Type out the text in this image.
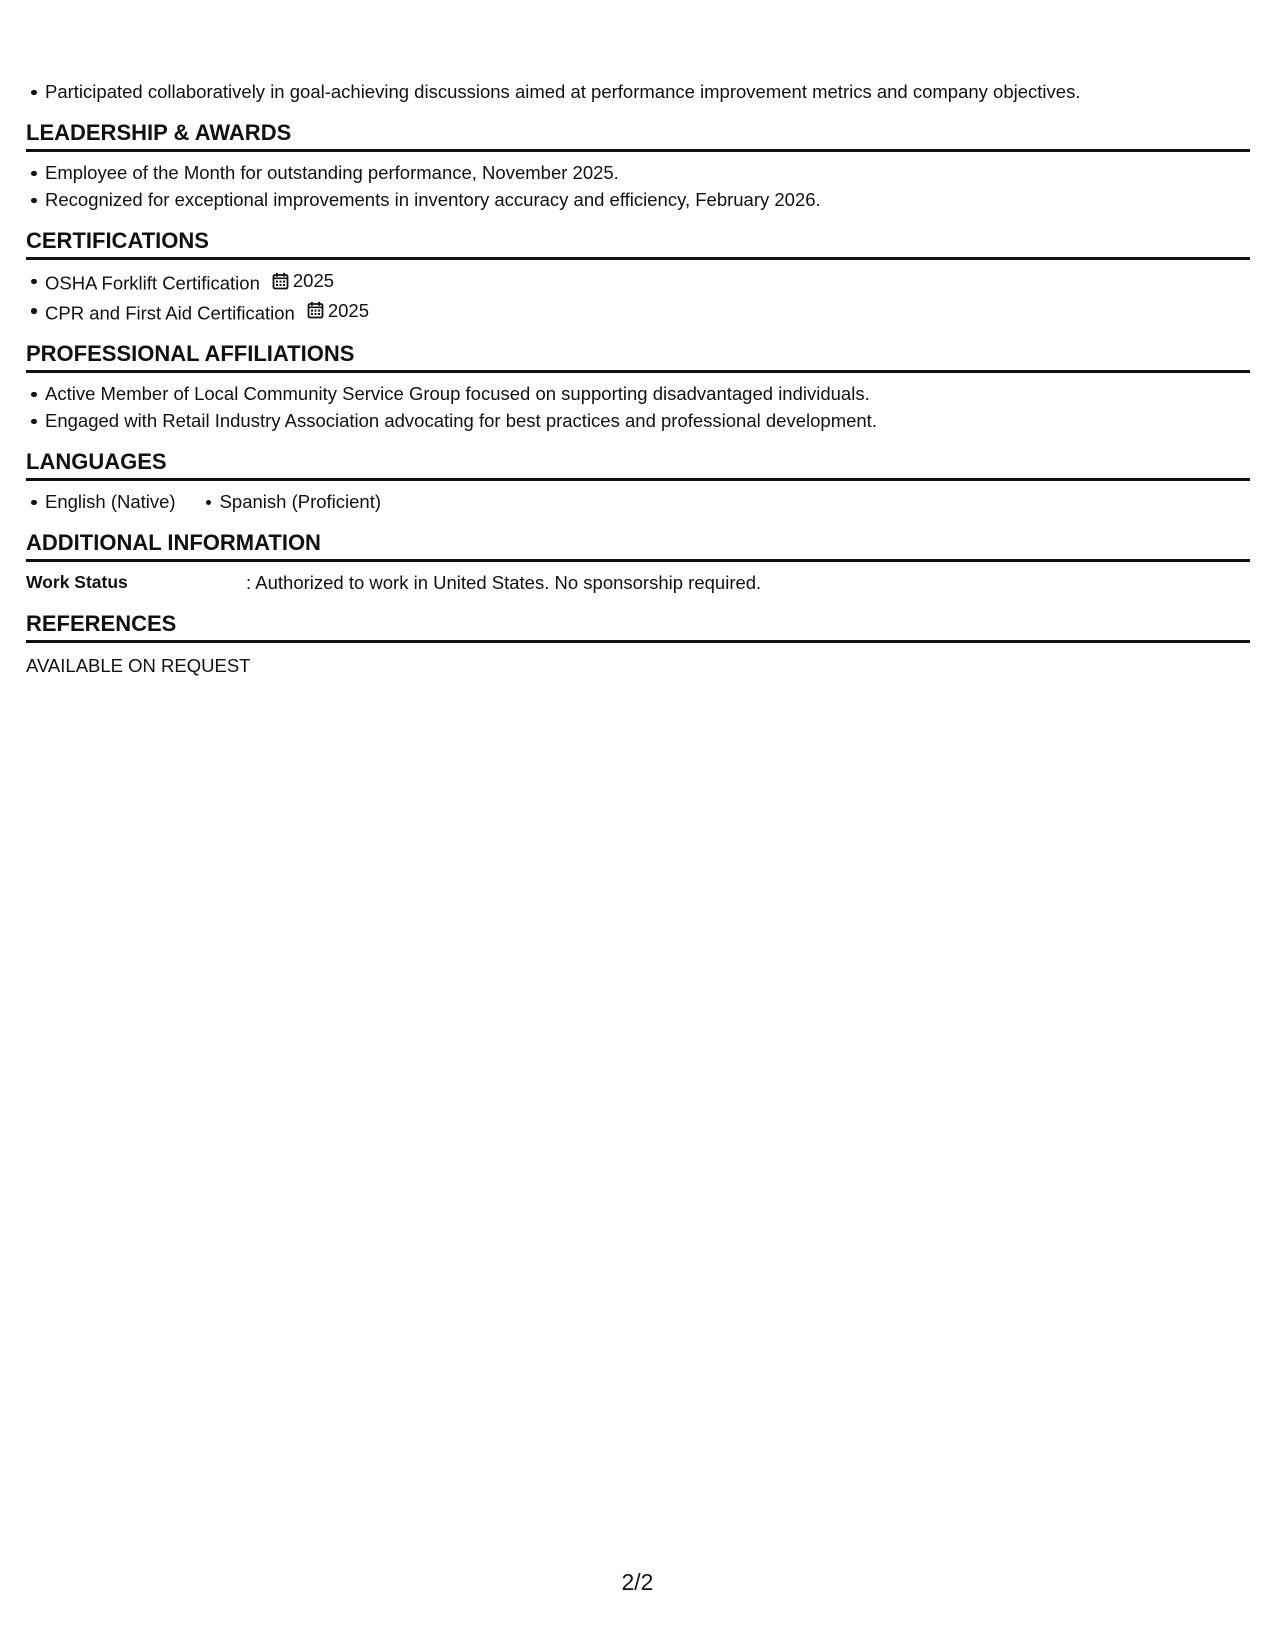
Participated collaboratively in goal-achieving discussions aimed at performance improvement metrics and company objectives.
LEADERSHIP & AWARDS
Employee of the Month for outstanding performance, November 2025.
Recognized for exceptional improvements in inventory accuracy and efficiency, February 2026.
CERTIFICATIONS
OSHA Forklift Certification 2025
CPR and First Aid Certification 2025
PROFESSIONAL AFFILIATIONS
Active Member of Local Community Service Group focused on supporting disadvantaged individuals.
Engaged with Retail Industry Association advocating for best practices and professional development.
LANGUAGES
English (Native) Spanish (Proficient)
ADDITIONAL INFORMATION
Work Status	: Authorized to work in United States. No sponsorship required.
REFERENCES
AVAILABLE ON REQUEST
2/2
